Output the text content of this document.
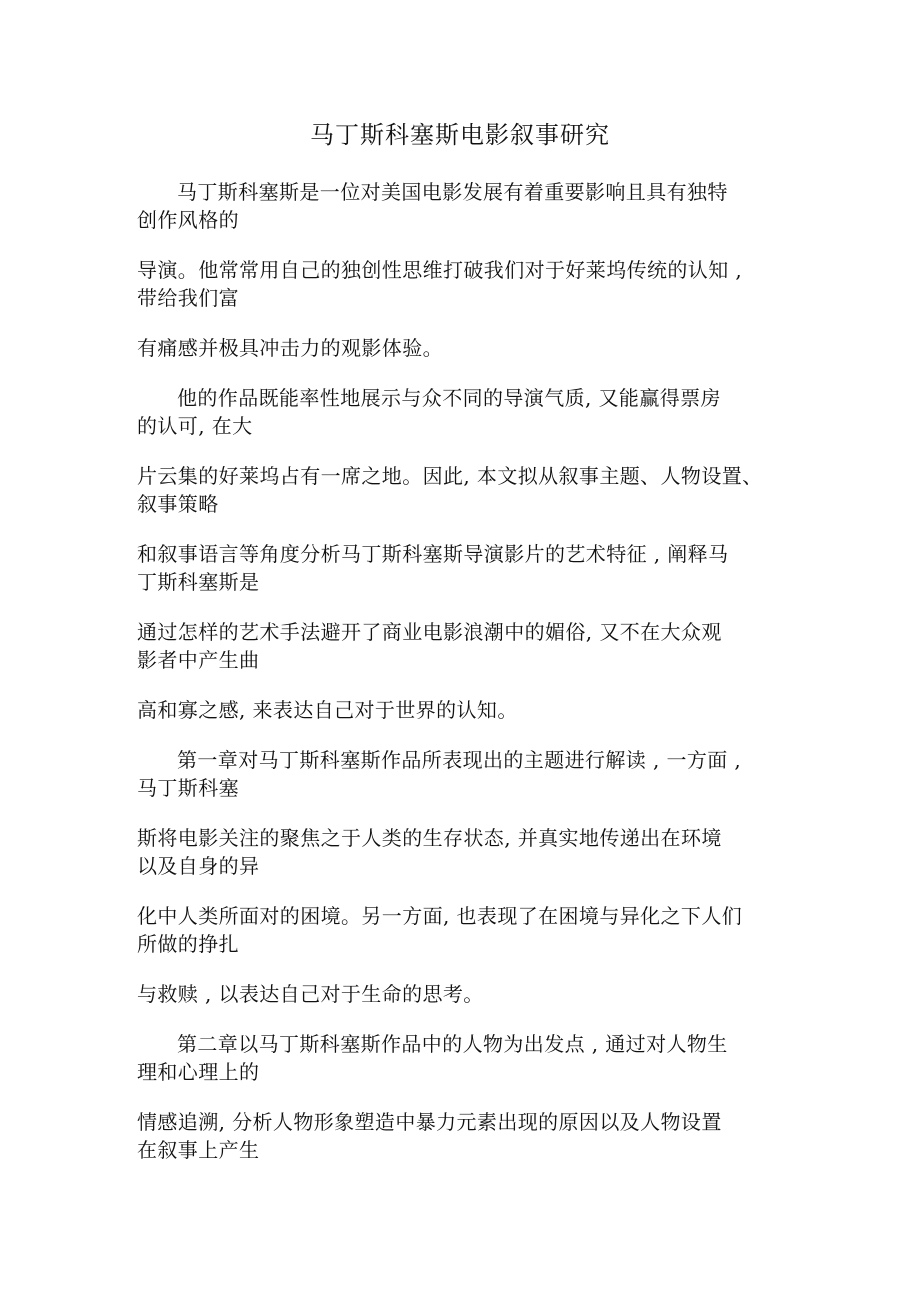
马丁斯科塞斯电影叙事研究
马丁斯科塞斯是一位对美国电影发展有着重要影响且具有独特
创作风格的
导演。他常常用自己的独创性思维打破我们对于好莱坞传统的认知 ,
带给我们富
有痛感并极具冲击力的观影体验。
他的作品既能率性地展示与众不同的导演气质, 又能赢得票房
的认可, 在大
片云集的好莱坞占有一席之地。因此, 本文拟从叙事主题、人物设置、
叙事策略
和叙事语言等角度分析马丁斯科塞斯导演影片的艺术特征 , 阐释马
丁斯科塞斯是
通过怎样的艺术手法避开了商业电影浪潮中的媚俗, 又不在大众观
影者中产生曲
高和寡之感, 来表达自己对于世界的认知。
第一章对马丁斯科塞斯作品所表现出的主题进行解读 , 一方面 ,
马丁斯科塞
斯将电影关注的聚焦之于人类的生存状态, 并真实地传递出在环境
以及自身的异
化中人类所面对的困境。另一方面, 也表现了在困境与异化之下人们
所做的挣扎
与救赎 , 以表达自己对于生命的思考。
第二章以马丁斯科塞斯作品中的人物为出发点 , 通过对人物生
理和心理上的
情感追溯, 分析人物形象塑造中暴力元素出现的原因以及人物设置
在叙事上产生
